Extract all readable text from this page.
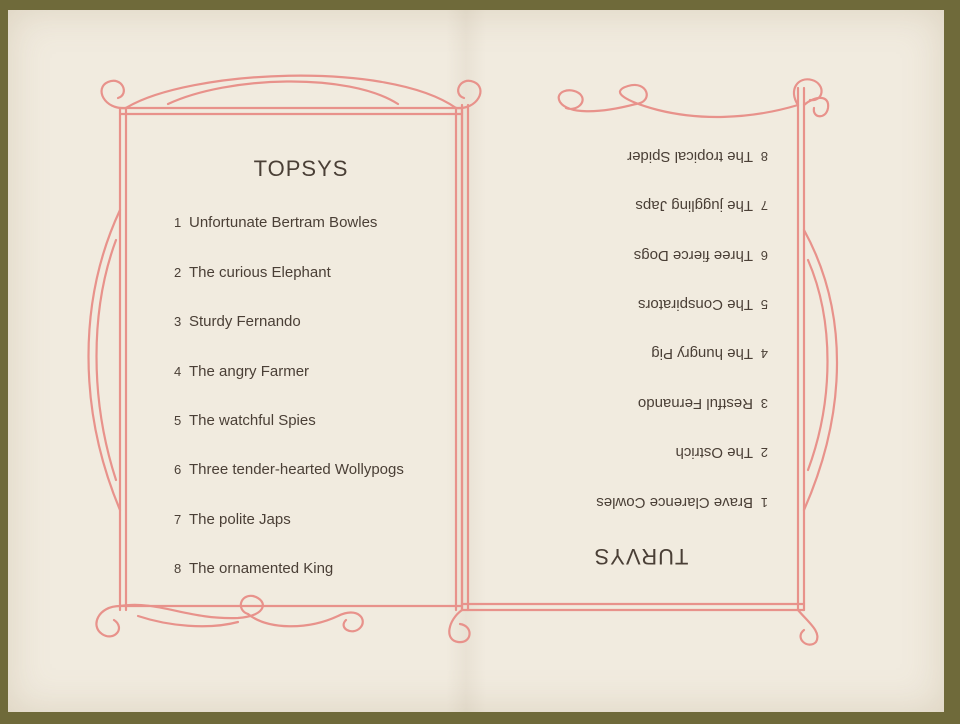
TOPSYS
1 Unfortunate Bertram Bowles
2 The curious Elephant
3 Sturdy Fernando
4 The angry Farmer
5 The watchful Spies
6 Three tender-hearted Wollypogs
7 The polite Japs
8 The ornamented King	TURVYS
1Brave Clarence Cowles
2The Ostrich
3Restful Fernando
4The hungry Pig
5The Conspirators
6Three fierce Dogs
7The juggling Japs
8The tropical Spider
